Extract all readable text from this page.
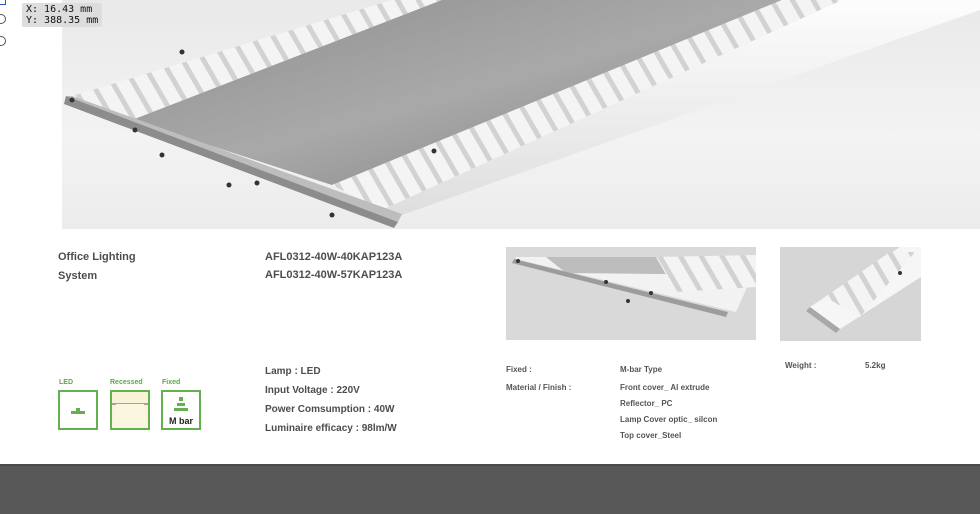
X: 16.43 mm
Y: 388.35 mm
Office Lighting
System
AFL0312-40W-40KAP123A
AFL0312-40W-57KAP123A
LED	Recessed	Fixed
M bar
Lamp : LED
Input Voltage : 220V
Power Comsumption : 40W
Luminaire efficacy : 98lm/W
Fixed :	M-bar Type
Material / Finish :	Front cover_ Al extrude
Reflector_ PC
Lamp Cover optic_ silcon
Top cover_Steel
Weight :	5.2kg
